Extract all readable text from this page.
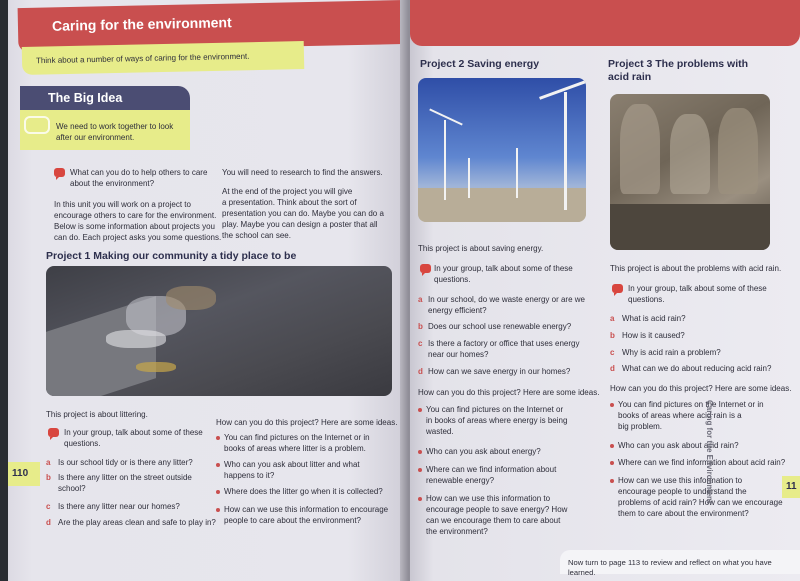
Caring for the environment
Think about a number of ways of caring for the environment.
The Big Idea
We need to work together to look
after our environment.
What can you do to help others to care
about the environment?
In this unit you will work on a project to
encourage others to care for the environment.
Below is some information about projects you
can do. Each project asks you some questions.
You will need to research to find the answers.
At the end of the project you will give
a presentation. Think about the sort of
presentation you can do. Maybe you can do a
play. Maybe you can design a poster that all
the school can see.
Project 1 Making our community a tidy place to be
This project is about littering.
In your group, talk about some of these
questions.
a Is our school tidy or is there any litter?
b Is there any litter on the street outside
school?
c Is there any litter near our homes?
d Are the play areas clean and safe to play in?
How can you do this project? Here are some ideas.
You can find pictures on the Internet or in
books of areas where litter is a problem.
Who can you ask about litter and what
happens to it?
Where does the litter go when it is collected?
How can we use this information to encourage
people to care about the environment?
110
Project 2 Saving energy
This project is about saving energy.
In your group, talk about some of these
questions.
a In our school, do we waste energy or are we
energy efficient?
b Does our school use renewable energy?
c Is there a factory or office that uses energy
near our homes?
d How can we save energy in our homes?
How can you do this project? Here are some ideas.
You can find pictures on the Internet or
in books of areas where energy is being
wasted.
Who can you ask about energy?
Where can we find information about
renewable energy?
How can we use this information to
encourage people to save energy? How
can we encourage them to care about
the environment?
Project 3 The problems with
acid rain
This project is about the problems with acid rain.
In your group, talk about some of these
questions.
a What is acid rain?
b How is it caused?
c Why is acid rain a problem?
d What can we do about reducing acid rain?
How can you do this project? Here are some ideas.
You can find pictures on the Internet or in
books of areas where acid rain is a
big problem.
Who can you ask about acid rain?
Where can we find information about acid rain?
How can we use this information to
encourage people to understand the
problems of acid rain? How can we encourage
them to care about the environment?
Caring for the Environment	11
Now turn to page 113 to review and reflect on what you have learned.
